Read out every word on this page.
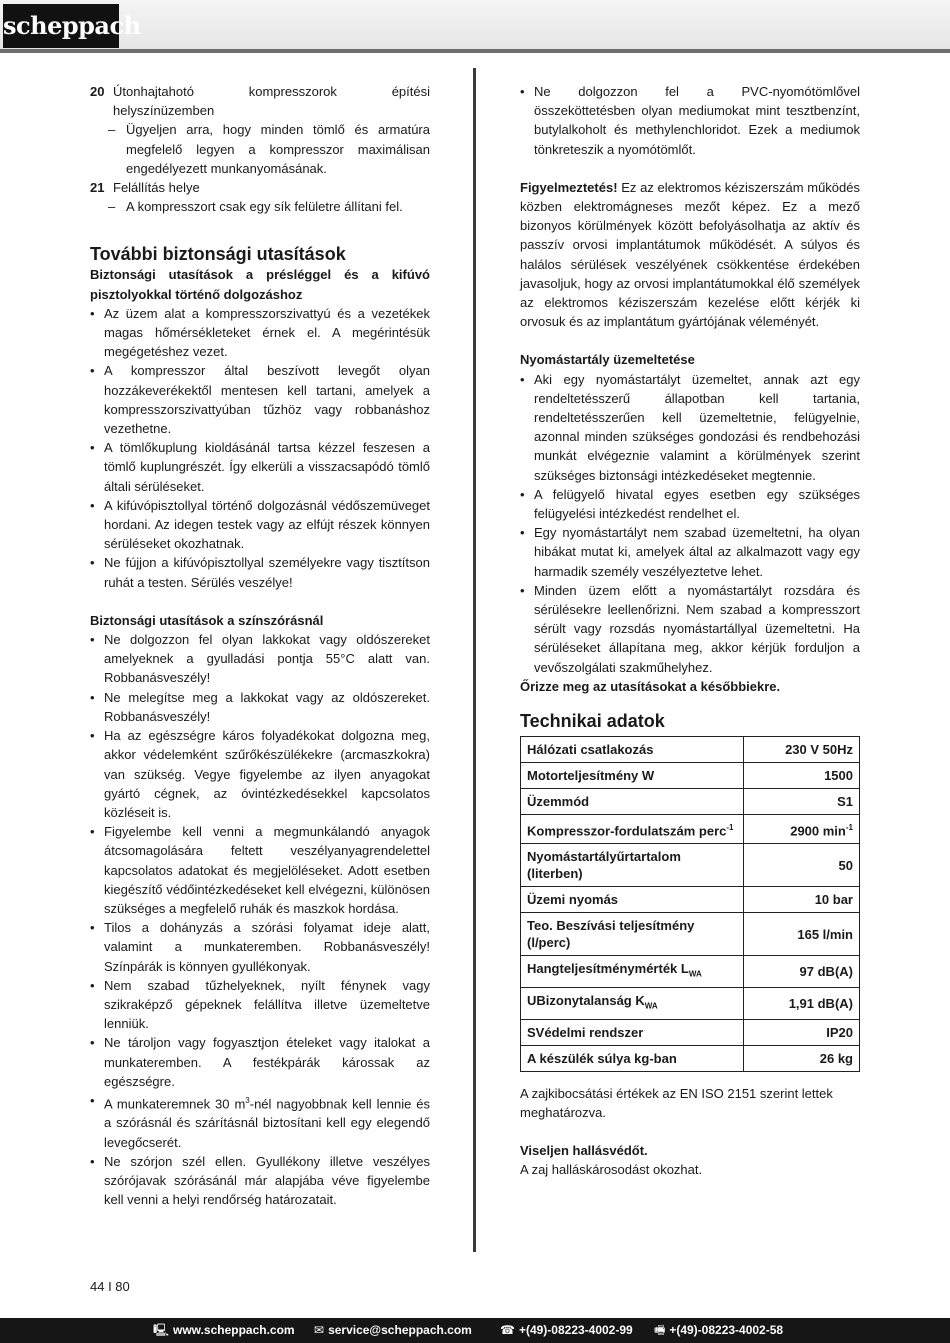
scheppach
20 Útonhajtahotó kompresszorok építési helyszínüzemben
– Ügyeljen arra, hogy minden tömlő és armatúra megfelelő legyen a kompresszor maximálisan engedélyezett munkanyomásának.
21 Felállítás helye
– A kompresszort csak egy sík felületre állítani fel.
További biztonsági utasítások

Biztonsági utasítások a présléggel és a kifúvó pisztolyokkal történő dolgozáshoz

• Az üzem alat a kompresszorszivattyú és a vezetékek magas hőmérsékleteket érnek el. A megérintésük megégetéshez vezet.
• A kompresszor által beszívott levegőt olyan hozzákeverékektől mentesen kell tartani, amelyek a kompresszorszivattyúban tűzhöz vagy robbanáshoz vezethetne.
• A tömlőkuplung kioldásánál tartsa kézzel feszesen a tömlő kuplungrészét. Így elkerüli a visszacsapódó tömlő általi sérüléseket.
• A kifúvópisztollyal történő dolgozásnál védőszemüveget hordani. Az idegen testek vagy az elfújt részek könnyen sérüléseket okozhatnak.
• Ne fújjon a kifúvópisztollyal személyekre vagy tisztítson ruhát a testen. Sérülés veszélye!

Biztonsági utasítások a színszórásnál

• Ne dolgozzon fel olyan lakkokat vagy oldószereket amelyeknek a gyulladási pontja 55°C alatt van. Robbanásveszély!
• Ne melegítse meg a lakkokat vagy az oldószereket. Robbanásveszély!
• Ha az egészségre káros folyadékokat dolgozna meg, akkor védelemként szűrőkészülékekre (arcmaszkokra) van szükség. Vegye figyelembe az ilyen anyagokat gyártó cégnek, az óvintézkedésekkel kapcsolatos közléseit is.
• Figyelembe kell venni a megmunkálandó anyagok átcsomagolására feltett veszélyanyagrendelettel kapcsolatos adatokat és megjelöléseket. Adott esetben kiegészítő védőintézkedéseket kell elvégezni, különösen szükséges a megfelelő ruhák és maszkok hordása.
• Tilos a dohányzás a szórási folyamat ideje alatt, valamint a munkateremben. Robbanásveszély! Színpárák is könnyen gyullékonyak.
• Nem szabad tűzhelyeknek, nyílt fénynek vagy szikraképző gépeknek felállítva illetve üzemeltetve lenniük.
• Ne tároljon vagy fogyasztjon ételeket vagy italokat a munkateremben. A festékpárák károssak az egészségre.
• A munkateremnek 30 $m^3$-nél nagyobbnak kell lennie és a szórásnál és szárításnál biztosítani kell egy elegendő levegőcserét.
• Ne szórjon szél ellen. Gyullékony illetve veszélyes szórójavak szórásánál már alapjába véve figyelembe kell venni a helyi rendőrség határozatait.
• Ne dolgozzon fel a PVC-nyomótömlővel összeköttetésben olyan mediumokat mint tesztbenzínt, butylalkoholt és methylenchloridot. Ezek a mediumok tönkreteszik a nyomótömlőt.

Figyelmeztetés! Ez az elektromos kéziszerszám működés közben elektromágneses mezőt képez. Ez a mező bizonyos körülmények között befolyásolhatja az aktív és passzív orvosi implantátumok működését. A súlyos és halálos sérülések veszélyének csökkentése érdekében javasoljuk, hogy az orvosi implantátumokkal élő személyek az elektromos kéziszerszám kezelése előtt kérjék ki orvosuk és az implantátum gyártójának véleményét.

Nyomástartály üzemeltetése

• Aki egy nyomástartályt üzemeltet, annak azt egy rendeltetésszerű állapotban kell tartania, rendeltetésszerűen kell üzemeltetnie, felügyelnie, azonnal minden szükséges gondozási és rendbehozási munkát elvégeznie valamint a körülmények szerint szükséges biztonsági intézkedéseket megtennie.
• A felügyelő hivatal egyes esetben egy szükséges felügyelési intézkedést rendelhet el.
• Egy nyomástartályt nem szabad üzemeltetni, ha olyan hibákat mutat ki, amelyek által az alkalmazott vagy egy harmadik személy veszélyeztetve lehet.
• Minden üzem előtt a nyomástartályt rozsdára és sérülésekre leellenőrizni. Nem szabad a kompresszort sérült vagy rozsdás nyomástartállyal üzemeltetni. Ha sérüléseket állapítana meg, akkor kérjük forduljon a vevőszolgálati szakműhelyhez.

Őrizze meg az utasításokat a későbbiekre.

Technikai adatok
Hálózati csatlakozás	230 V 50Hz
Motorteljesítmény W	1500
Üzemmód	S1
Kompresszor-fordulatszám perc$^{-1}$	2900 $\min^{-1}$
Nyomástartályűrtartalom (literben)	50
Üzemi nyomás	10 bar
Teo. Beszívási teljesítmény (l/perc)	165 l/min
Hangteljesítménymérték $L_{WA}$	97 dB(A)
UBizonytalanság $K_{WA}$	1,91 dB(A)
SVédelmi rendszer	IP20
A készülék súlya kg-ban	26 kg

A zajkibocsátási értékek az EN ISO 2151 szerint lettek meghatározva.

Viseljen hallásvédőt.

A zaj halláskárosodást okozhat.

44 I 80
🖳 www.scheppach.com ✉ service@scheppach.com ☎ +(49)-08223-4002-99 🖷 +(49)-08223-4002-58
